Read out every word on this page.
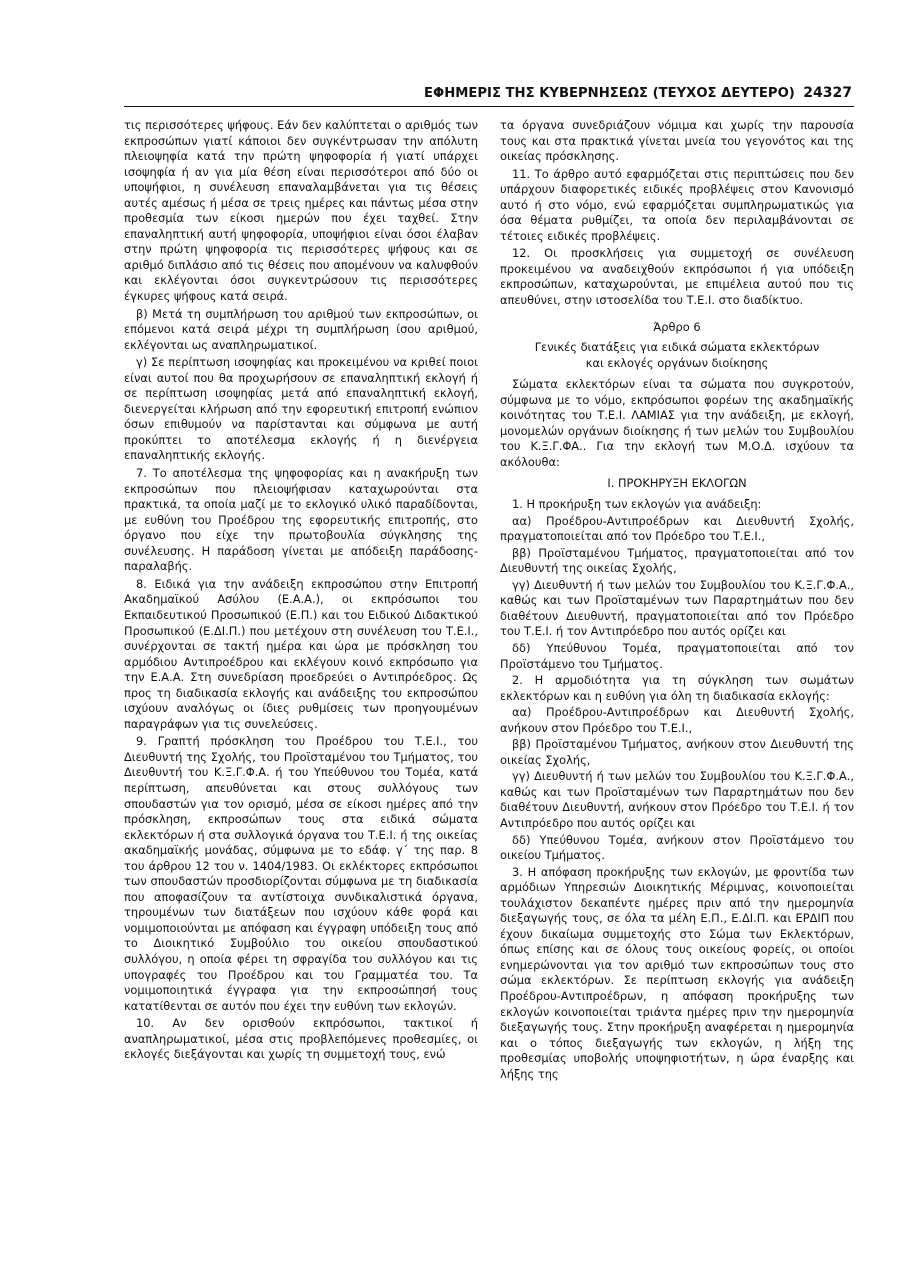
ΕΦΗΜΕΡΙΣ ΤΗΣ ΚΥΒΕΡΝΗΣΕΩΣ (ΤΕΥΧΟΣ ΔΕΥΤΕΡΟ) 24327

τις περισσότερες ψήφους. Εάν δεν καλύπτεται ο αριθμός των εκπροσώπων γιατί κάποιοι δεν συγκέντρωσαν την απόλυτη πλειοψηφία κατά την πρώτη ψηφοφορία ή γιατί υπάρχει ισοψηφία ή αν για μία θέση είναι περισσότεροι από δύο οι υποψήφιοι, η συνέλευση επαναλαμβάνεται για τις θέσεις αυτές αμέσως ή μέσα σε τρεις ημέρες και πάντως μέσα στην προθεσμία των είκοσι ημερών που έχει ταχθεί. Στην επαναληπτική αυτή ψηφοφορία, υποψήφιοι είναι όσοι έλαβαν στην πρώτη ψηφοφορία τις περισσότερες ψήφους και σε αριθμό διπλάσιο από τις θέσεις που απομένουν να καλυφθούν και εκλέγονται όσοι συγκεντρώσουν τις περισσότερες έγκυρες ψήφους κατά σειρά.

β) Μετά τη συμπλήρωση του αριθμού των εκπροσώπων, οι επόμενοι κατά σειρά μέχρι τη συμπλήρωση ίσου αριθμού, εκλέγονται ως αναπληρωματικοί.

γ) Σε περίπτωση ισοψηφίας και προκειμένου να κριθεί ποιοι είναι αυτοί που θα προχωρήσουν σε επαναληπτική εκλογή ή σε περίπτωση ισοψηφίας μετά από επαναληπτική εκλογή, διενεργείται κλήρωση από την εφορευτική επιτροπή ενώπιον όσων επιθυμούν να παρίστανται και σύμφωνα με αυτή προκύπτει το αποτέλεσμα εκλογής ή η διενέργεια επαναληπτικής εκλογής.

7. Το αποτέλεσμα της ψηφοφορίας και η ανακήρυξη των εκπροσώπων που πλειοψήφισαν καταχωρούνται στα πρακτικά, τα οποία μαζί με το εκλογικό υλικό παραδίδονται, με ευθύνη του Προέδρου της εφορευτικής επιτροπής, στο όργανο που είχε την πρωτοβουλία σύγκλησης της συνέλευσης. Η παράδοση γίνεται με απόδειξη παράδοσης-παραλαβής.

8. Ειδικά για την ανάδειξη εκπροσώπου στην Επιτροπή Ακαδημαϊκού Ασύλου (Ε.Α.Α.), οι εκπρόσωποι του Εκπαιδευτικού Προσωπικού (Ε.Π.) και του Ειδικού Διδακτικού Προσωπικού (Ε.ΔΙ.Π.) που μετέχουν στη συνέλευση του Τ.Ε.Ι., συνέρχονται σε τακτή ημέρα και ώρα με πρόσκληση του αρμόδιου Αντιπροέδρου και εκλέγουν κοινό εκπρόσωπο για την Ε.Α.Α. Στη συνεδρίαση προεδρεύει ο Αντιπρόεδρος. Ως προς τη διαδικασία εκλογής και ανάδειξης του εκπροσώπου ισχύουν αναλόγως οι ίδιες ρυθμίσεις των προηγουμένων παραγράφων για τις συνελεύσεις.

9. Γραπτή πρόσκληση του Προέδρου του Τ.Ε.Ι., του Διευθυντή της Σχολής, του Προϊσταμένου του Τμήματος, του Διευθυντή του Κ.Ξ.Γ.Φ.Α. ή του Υπεύθυνου του Τομέα, κατά περίπτωση, απευθύνεται και στους συλλόγους των σπουδαστών για τον ορισμό, μέσα σε είκοσι ημέρες από την πρόσκληση, εκπροσώπων τους στα ειδικά σώματα εκλεκτόρων ή στα συλλογικά όργανα του Τ.Ε.Ι. ή της οικείας ακαδημαϊκής μονάδας, σύμφωνα με το εδάφ. γ΄ της παρ. 8 του άρθρου 12 του ν. 1404/1983. Οι εκλέκτορες εκπρόσωποι των σπουδαστών προσδιορίζονται σύμφωνα με τη διαδικασία που αποφασίζουν τα αντίστοιχα συνδικαλιστικά όργανα, τηρουμένων των διατάξεων που ισχύουν κάθε φορά και νομιμοποιούνται με απόφαση και έγγραφη υπόδειξη τους από το Διοικητικό Συμβούλιο του οικείου σπουδαστικού συλλόγου, η οποία φέρει τη σφραγίδα του συλλόγου και τις υπογραφές του Προέδρου και του Γραμματέα του. Τα νομιμοποιητικά έγγραφα για την εκπροσώπησή τους κατατίθενται σε αυτόν που έχει την ευθύνη των εκλογών.

10. Αν δεν ορισθούν εκπρόσωποι, τακτικοί ή αναπληρωματικοί, μέσα στις προβλεπόμενες προθεσμίες, οι εκλογές διεξάγονται και χωρίς τη συμμετοχή τους, ενώ

τα όργανα συνεδριάζουν νόμιμα και χωρίς την παρουσία τους και στα πρακτικά γίνεται μνεία του γεγονότος και της οικείας πρόσκλησης.

11. Το άρθρο αυτό εφαρμόζεται στις περιπτώσεις που δεν υπάρχουν διαφορετικές ειδικές προβλέψεις στον Κανονισμό αυτό ή στο νόμο, ενώ εφαρμόζεται συμπληρωματικώς για όσα θέματα ρυθμίζει, τα οποία δεν περιλαμβάνονται σε τέτοιες ειδικές προβλέψεις.

12. Οι προσκλήσεις για συμμετοχή σε συνέλευση προκειμένου να αναδειχθούν εκπρόσωποι ή για υπόδειξη εκπροσώπων, καταχωρούνται, με επιμέλεια αυτού που τις απευθύνει, στην ιστοσελίδα του Τ.Ε.Ι. στο διαδίκτυο.

Άρθρο 6

Γενικές διατάξεις για ειδικά σώματα εκλεκτόρων

και εκλογές οργάνων διοίκησης

Σώματα εκλεκτόρων είναι τα σώματα που συγκροτούν, σύμφωνα με το νόμο, εκπρόσωποι φορέων της ακαδημαϊκής κοινότητας του Τ.Ε.Ι. ΛΑΜΙΑΣ για την ανάδειξη, με εκλογή, μονομελών οργάνων διοίκησης ή των μελών του Συμβουλίου του Κ.Ξ.Γ.ΦΑ.. Για την εκλογή των Μ.Ο.Δ. ισχύουν τα ακόλουθα:

Ι. ΠΡΟΚΗΡΥΞΗ ΕΚΛΟΓΩΝ

1. Η προκήρυξη των εκλογών για ανάδειξη:

αα) Προέδρου-Αντιπροέδρων και Διευθυντή Σχολής, πραγματοποιείται από τον Πρόεδρο του Τ.Ε.Ι.,

ββ) Προϊσταμένου Τμήματος, πραγματοποιείται από τον Διευθυντή της οικείας Σχολής,

γγ) Διευθυντή ή των μελών του Συμβουλίου του Κ.Ξ.Γ.Φ.Α., καθώς και των Προϊσταμένων των Παραρτημάτων που δεν διαθέτουν Διευθυντή, πραγματοποιείται από τον Πρόεδρο του Τ.Ε.Ι. ή τον Αντιπρόεδρο που αυτός ορίζει και

δδ) Υπεύθυνου Τομέα, πραγματοποιείται από τον Προϊστάμενο του Τμήματος.

2. Η αρμοδιότητα για τη σύγκληση των σωμάτων εκλεκτόρων και η ευθύνη για όλη τη διαδικασία εκλογής:

αα) Προέδρου-Αντιπροέδρων και Διευθυντή Σχολής, ανήκουν στον Πρόεδρο του Τ.Ε.Ι.,

ββ) Προϊσταμένου Τμήματος, ανήκουν στον Διευθυντή της οικείας Σχολής,

γγ) Διευθυντή ή των μελών του Συμβουλίου του Κ.Ξ.Γ.Φ.Α., καθώς και των Προϊσταμένων των Παραρτημάτων που δεν διαθέτουν Διευθυντή, ανήκουν στον Πρόεδρο του Τ.Ε.Ι. ή τον Αντιπρόεδρο που αυτός ορίζει και

δδ) Υπεύθυνου Τομέα, ανήκουν στον Προϊστάμενο του οικείου Τμήματος.

3. Η απόφαση προκήρυξης των εκλογών, με φροντίδα των αρμόδιων Υπηρεσιών Διοικητικής Μέριμνας, κοινοποιείται τουλάχιστον δεκαπέντε ημέρες πριν από την ημερομηνία διεξαγωγής τους, σε όλα τα μέλη Ε.Π., Ε.ΔΙ.Π. και ΕΡΔΙΠ που έχουν δικαίωμα συμμετοχής στο Σώμα των Εκλεκτόρων, όπως επίσης και σε όλους τους οικείους φορείς, οι οποίοι ενημερώνονται για τον αριθμό των εκπροσώπων τους στο σώμα εκλεκτόρων. Σε περίπτωση εκλογής για ανάδειξη Προέδρου-Αντιπροέδρων, η απόφαση προκήρυξης των εκλογών κοινοποιείται τριάντα ημέρες πριν την ημερομηνία διεξαγωγής τους. Στην προκήρυξη αναφέρεται η ημερομηνία και ο τόπος διεξαγωγής των εκλογών, η λήξη της προθεσμίας υποβολής υποψηφιοτήτων, η ώρα έναρξης και λήξης της
